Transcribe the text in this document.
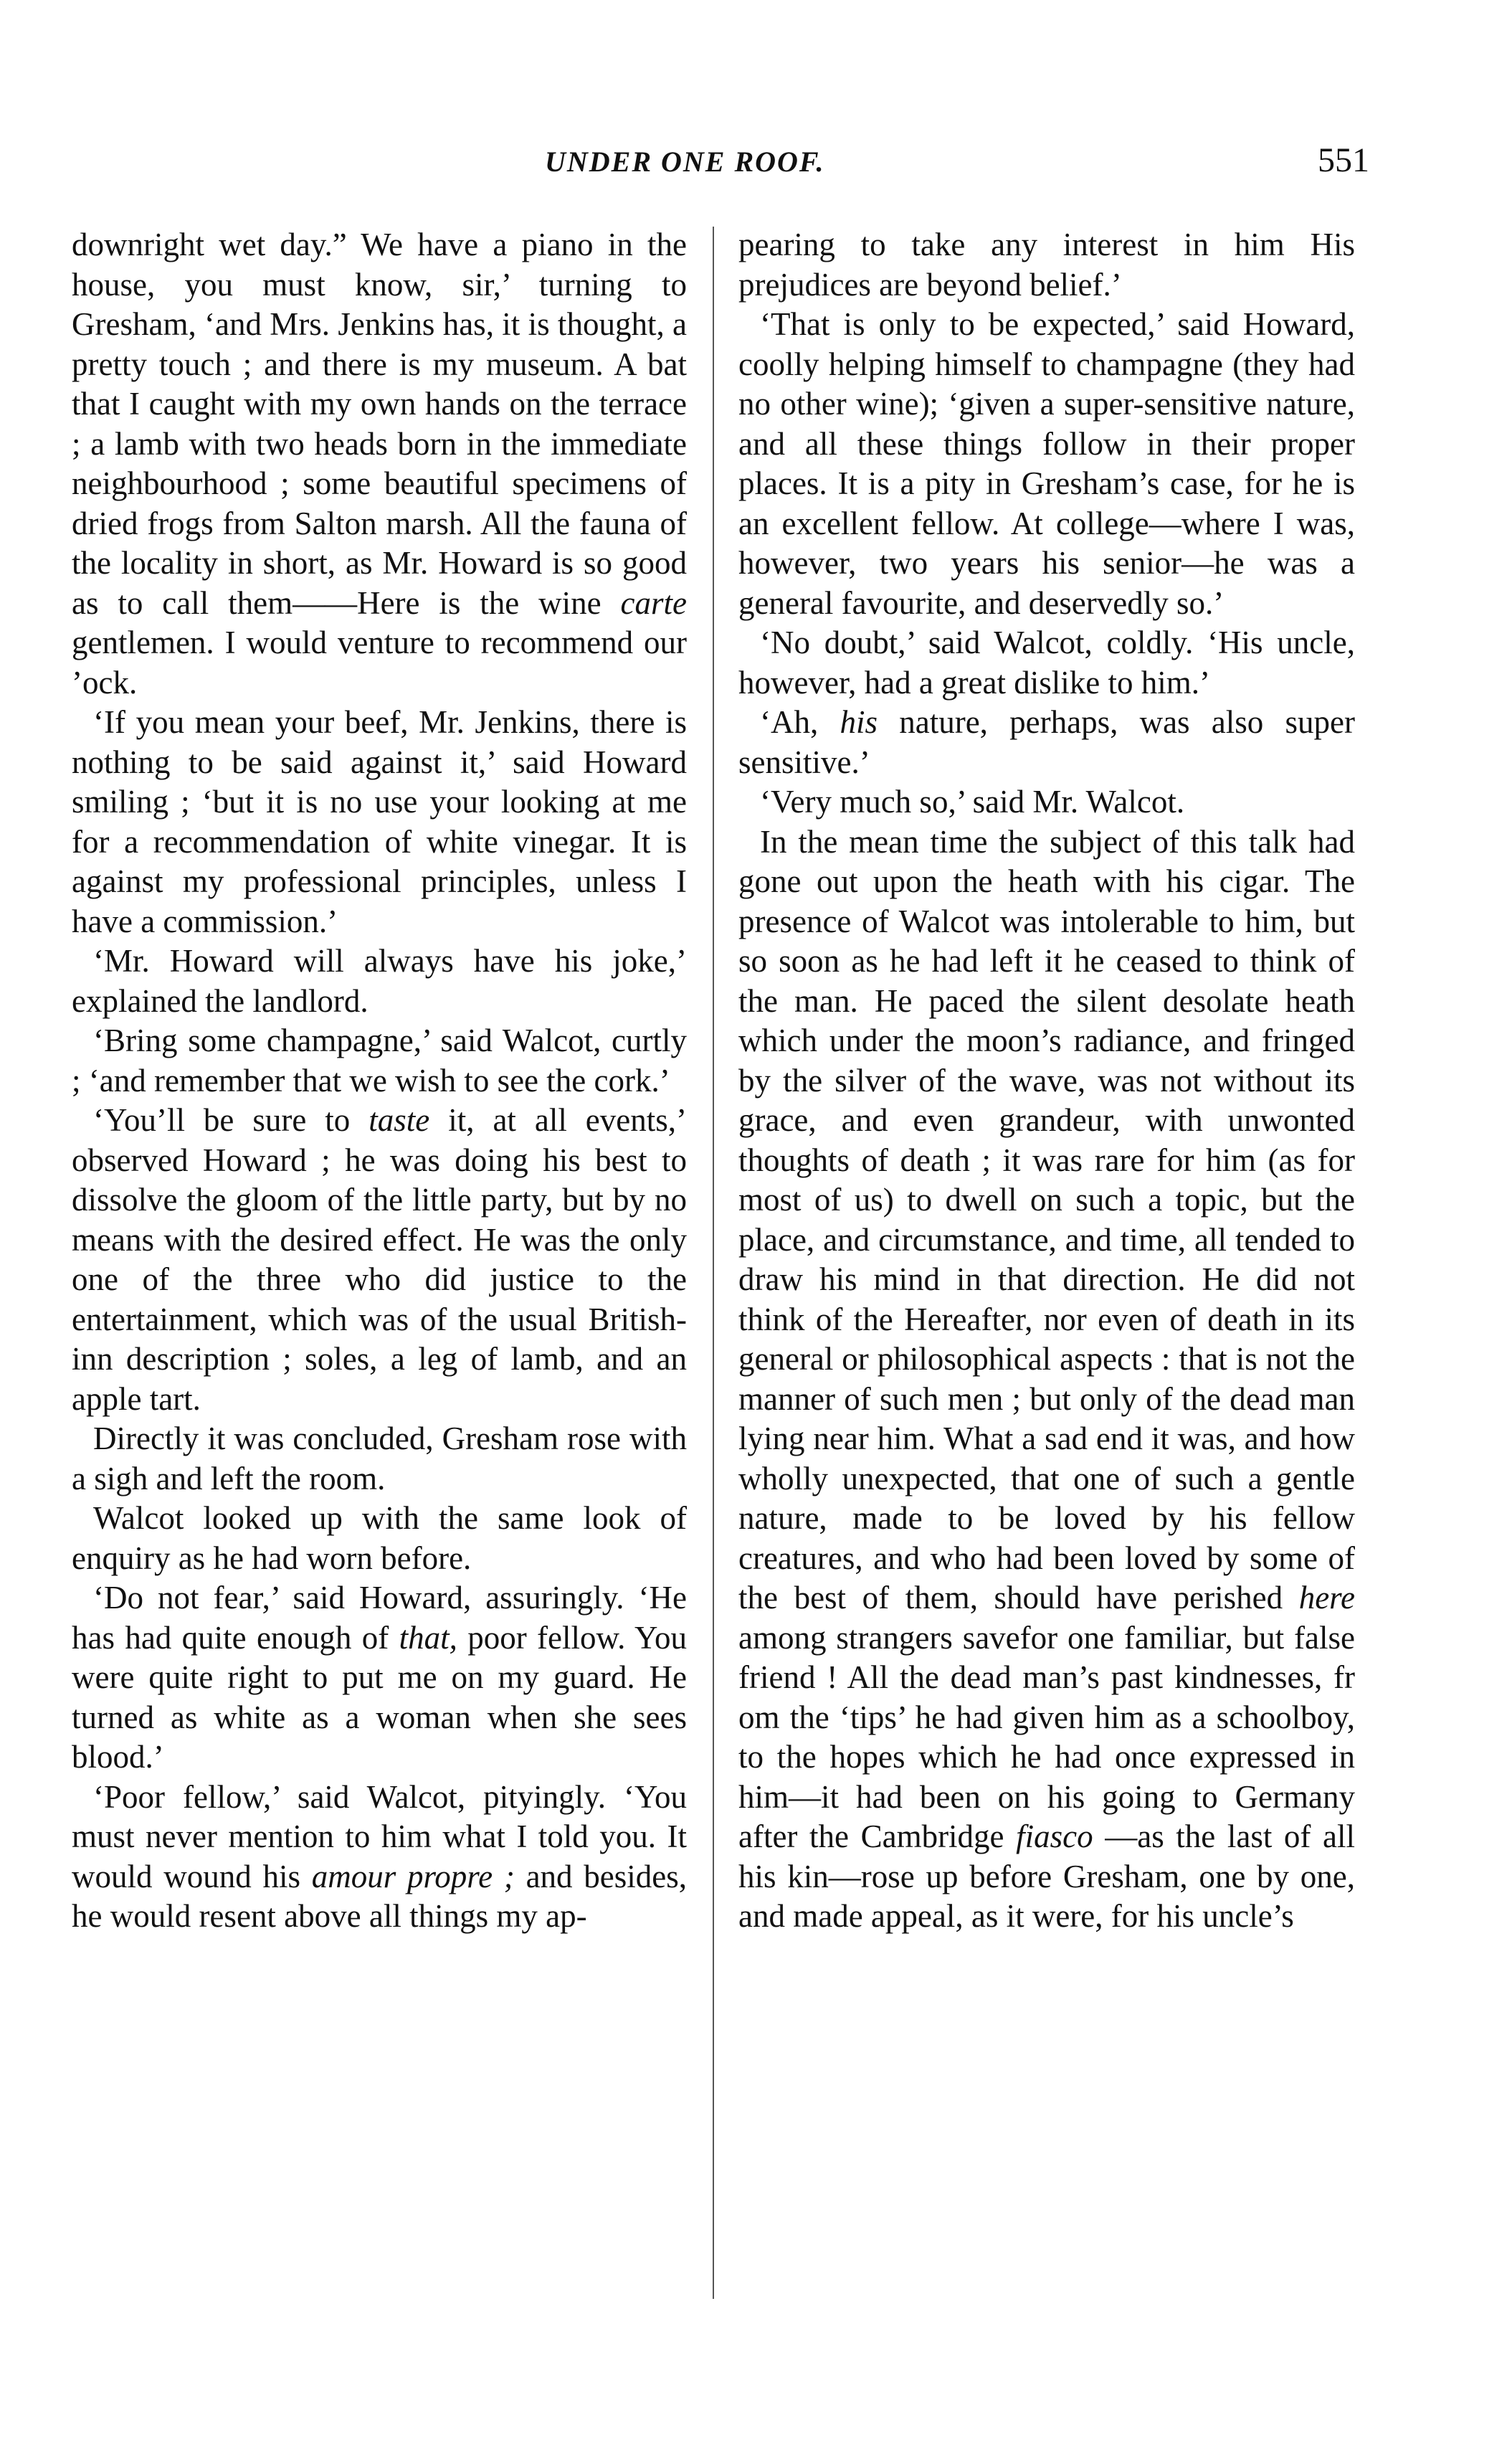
UNDER ONE ROOF.	551

downright wet day.” We have a piano in the house, you must know, sir,’ turning to Gresham, ‘and Mrs. Jenkins has, it is thought, a pretty touch ; and there is my museum. A bat that I caught with my own hands on the terrace ; a lamb with two heads born in the immediate neighbourhood ; some beautiful specimens of dried frogs from Salton marsh. All the fauna of the locality in short, as Mr. Howard is so good as to call them——Here is the wine carte gentlemen. I would venture to recommend our ’ock.

‘If you mean your beef, Mr. Jenkins, there is nothing to be said against it,’ said Howard smiling ; ‘but it is no use your looking at me for a recommendation of white vinegar. It is against my professional principles, unless I have a commission.’

‘Mr. Howard will always have his joke,’ explained the landlord.

‘Bring some champagne,’ said Walcot, curtly ; ‘and remember that we wish to see the cork.’

‘You’ll be sure to taste it, at all events,’ observed Howard ; he was doing his best to dissolve the gloom of the little party, but by no means with the desired effect. He was the only one of the three who did justice to the entertainment, which was of the usual British-inn description ; soles, a leg of lamb, and an apple tart.

Directly it was concluded, Gresham rose with a sigh and left the room.

Walcot looked up with the same look of enquiry as he had worn before.

‘Do not fear,’ said Howard, assuringly. ‘He has had quite enough of that, poor fellow. You were quite right to put me on my guard. He turned as white as a woman when she sees blood.’

‘Poor fellow,’ said Walcot, pityingly. ‘You must never mention to him what I told you. It would wound his amour propre ; and besides, he would resent above all things my ap-

pearing to take any interest in him His prejudices are beyond belief.’

‘That is only to be expected,’ said Howard, coolly helping himself to champagne (they had no other wine); ‘given a super-sensitive nature, and all these things follow in their proper places. It is a pity in Gresham’s case, for he is an excellent fellow. At college—where I was, however, two years his senior—he was a general favourite, and deservedly so.’

‘No doubt,’ said Walcot, coldly. ‘His uncle, however, had a great dislike to him.’

‘Ah, his nature, perhaps, was also super sensitive.’

‘Very much so,’ said Mr. Walcot.

In the mean time the subject of this talk had gone out upon the heath with his cigar. The presence of Walcot was intolerable to him, but so soon as he had left it he ceased to think of the man. He paced the silent desolate heath which under the moon’s radiance, and fringed by the silver of the wave, was not without its grace, and even grandeur, with unwonted thoughts of death ; it was rare for him (as for most of us) to dwell on such a topic, but the place, and circumstance, and time, all tended to draw his mind in that direction. He did not think of the Hereafter, nor even of death in its general or philosophical aspects : that is not the manner of such men ; but only of the dead man lying near him. What a sad end it was, and how wholly unexpected, that one of such a gentle nature, made to be loved by his fellow creatures, and who had been loved by some of the best of them, should have perished here among strangers savefor one familiar, but false friend ! All the dead man’s past kindnesses, fr om the ‘tips’ he had given him as a schoolboy, to the hopes which he had once expressed in him—it had been on his going to Germany after the Cambridge fiasco —as the last of all his kin—rose up before Gresham, one by one, and made appeal, as it were, for his uncle’s
